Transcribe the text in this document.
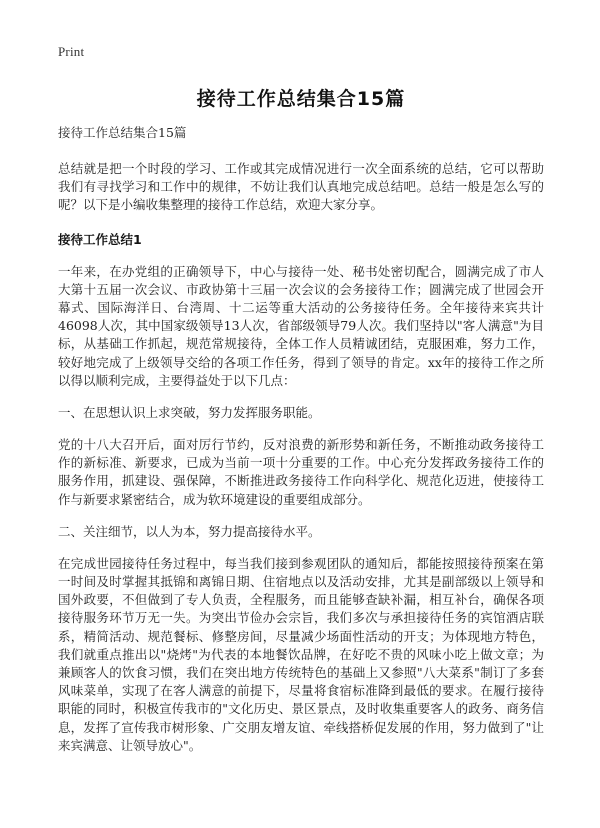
Print
接待工作总结集合15篇
接待工作总结集合15篇

总结就是把一个时段的学习、工作或其完成情况进行一次全面系统的总结，它可以帮助我们有寻找学习和工作中的规律，不妨让我们认真地完成总结吧。总结一般是怎么写的呢？以下是小编收集整理的接待工作总结，欢迎大家分享。

接待工作总结1

一年来，在办党组的正确领导下，中心与接待一处、秘书处密切配合，圆满完成了市人大第十五届一次会议、市政协第十三届一次会议的会务接待工作；圆满完成了世园会开幕式、国际海洋日、台湾周、十二运等重大活动的公务接待任务。全年接待来宾共计46098人次，其中国家级领导13人次，省部级领导79人次。我们坚持以"客人满意"为目标，从基础工作抓起，规范常规接待，全体工作人员精诚团结，克服困难，努力工作，较好地完成了上级领导交给的各项工作任务，得到了领导的肯定。xx年的接待工作之所以得以顺利完成，主要得益处于以下几点：

一、在思想认识上求突破，努力发挥服务职能。

党的十八大召开后，面对厉行节约，反对浪费的新形势和新任务，不断推动政务接待工作的新标准、新要求，已成为当前一项十分重要的工作。中心充分发挥政务接待工作的服务作用，抓建设、强保障，不断推进政务接待工作向科学化、规范化迈进，使接待工作与新要求紧密结合，成为软环境建设的重要组成部分。

二、关注细节，以人为本，努力提高接待水平。

在完成世园接待任务过程中，每当我们接到参观团队的通知后，都能按照接待预案在第一时间及时掌握其抵锦和离锦日期、住宿地点以及活动安排，尤其是副部级以上领导和国外政要，不但做到了专人负责，全程服务，而且能够查缺补漏，相互补台，确保各项接待服务环节万无一失。为突出节俭办会宗旨，我们多次与承担接待任务的宾馆酒店联系，精简活动、规范餐标、修整房间，尽量减少场面性活动的开支；为体现地方特色，我们就重点推出以"烧烤"为代表的本地餐饮品牌，在好吃不贵的风味小吃上做文章；为兼顾客人的饮食习惯，我们在突出地方传统特色的基础上又参照"八大菜系"制订了多套风味菜单，实现了在客人满意的前提下，尽量将食宿标准降到最低的要求。在履行接待职能的同时，积极宣传我市的"文化历史、景区景点，及时收集重要客人的政务、商务信息，发挥了宣传我市树形象、广交朋友增友谊、牵线搭桥促发展的作用，努力做到了"让来宾满意、让领导放心"。
